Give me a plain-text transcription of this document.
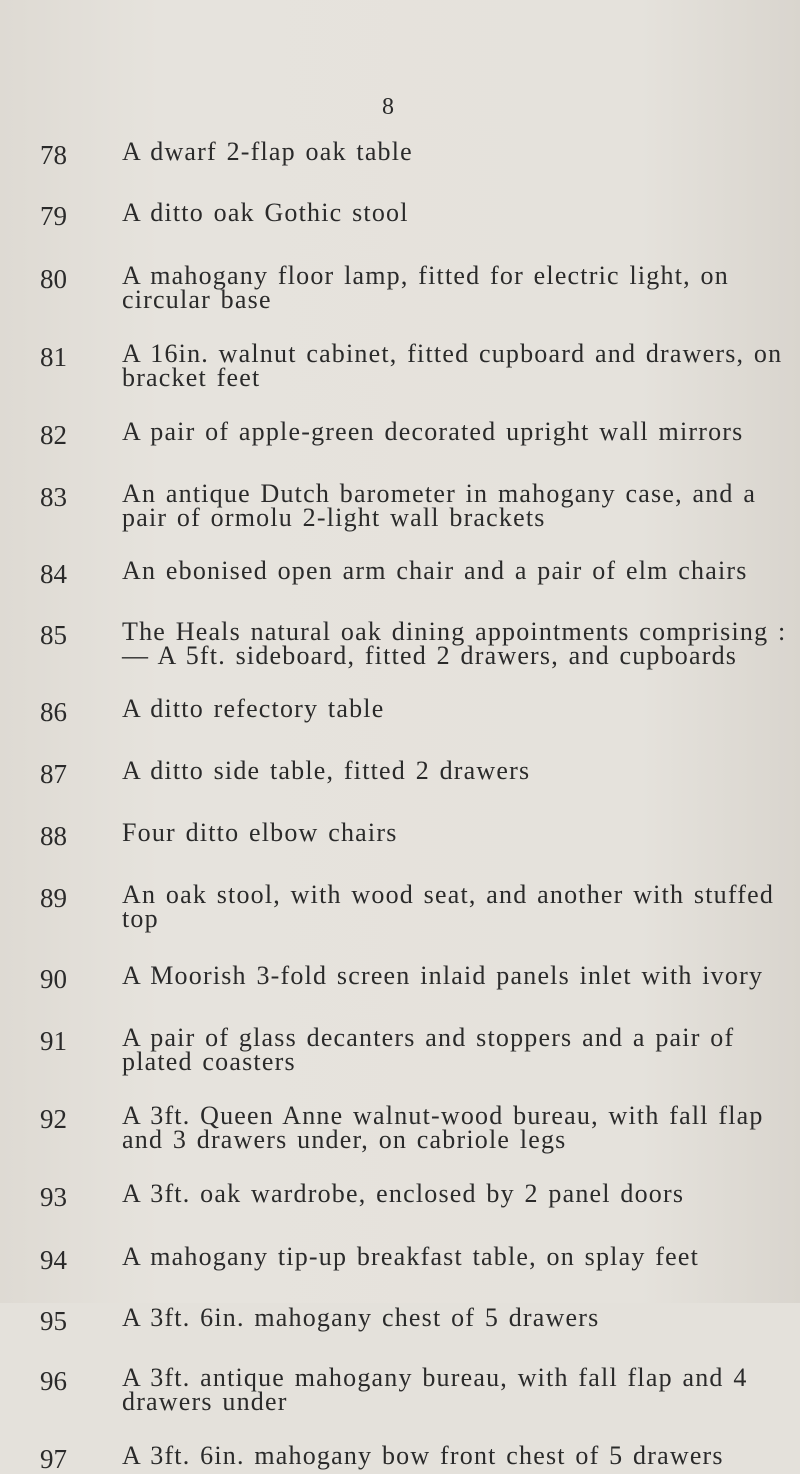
8
78	A dwarf 2-flap oak table
79	A ditto oak Gothic stool
80	A mahogany floor lamp, fitted for electric light, on circular base
81	A 16in. walnut cabinet, fitted cupboard and drawers, on bracket feet
82	A pair of apple-green decorated upright wall mirrors
83	An antique Dutch barometer in mahogany case, and a pair of ormolu 2-light wall brackets
84	An ebonised open arm chair and a pair of elm chairs
85	The Heals natural oak dining appointments comprising :— A 5ft. sideboard, fitted 2 drawers, and cupboards
86	A ditto refectory table
87	A ditto side table, fitted 2 drawers
88	Four ditto elbow chairs
89	An oak stool, with wood seat, and another with stuffed top
90	A Moorish 3-fold screen inlaid panels inlet with ivory
91	A pair of glass decanters and stoppers and a pair of plated coasters
92	A 3ft. Queen Anne walnut-wood bureau, with fall flap and 3 drawers under, on cabriole legs
93	A 3ft. oak wardrobe, enclosed by 2 panel doors
94	A mahogany tip-up breakfast table, on splay feet
95	A 3ft. 6in. mahogany chest of 5 drawers
96	A 3ft. antique mahogany bureau, with fall flap and 4 drawers under
97	A 3ft. 6in. mahogany bow front chest of 5 drawers
